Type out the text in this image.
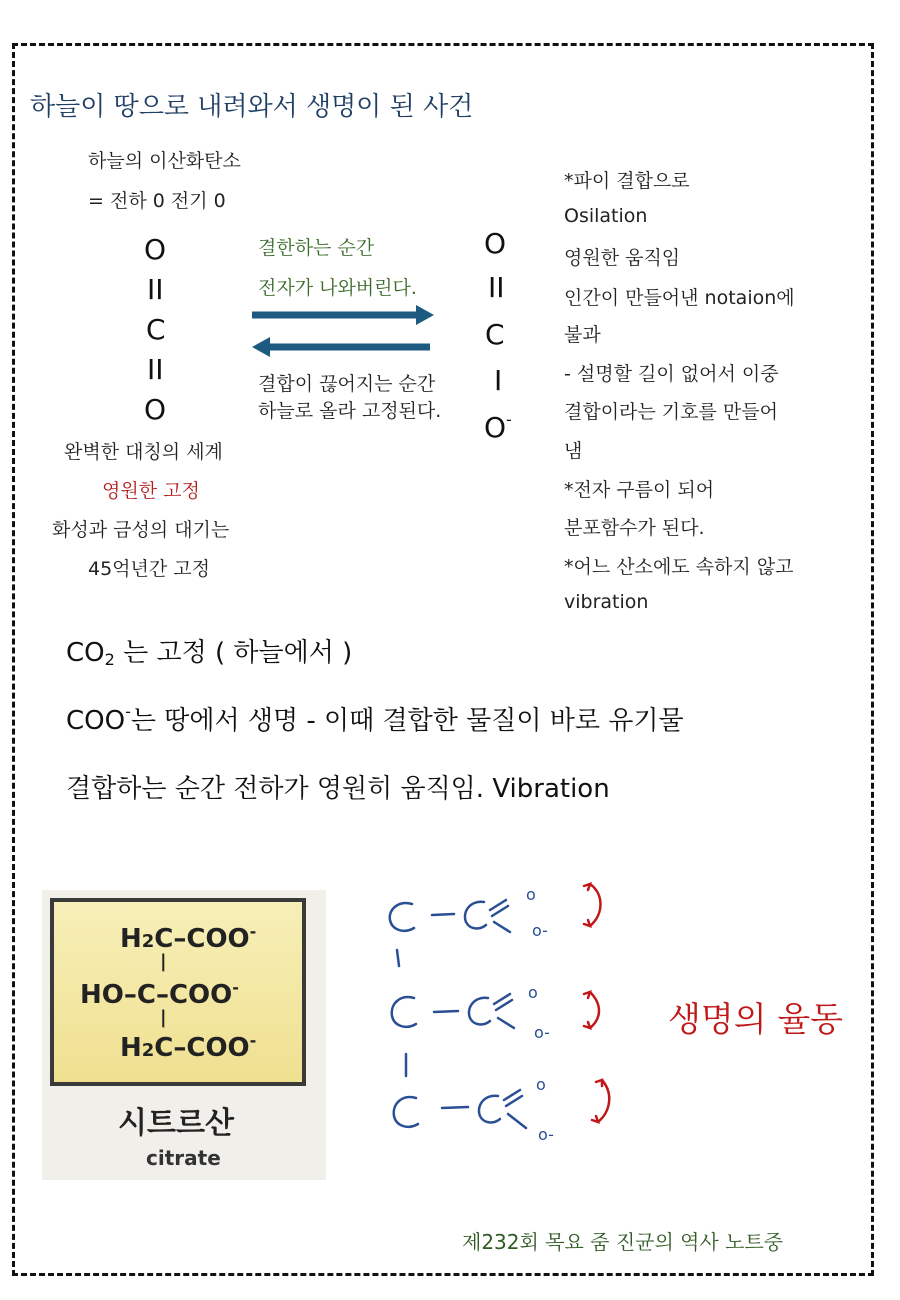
하늘이 땅으로 내려와서 생명이 된 사건
하늘의 이산화탄소
= 전하 0 전기 0
O
II
C
II
O
완벽한 대칭의 세계
영원한 고정
화성과 금성의 대기는
45억년간 고정
결한하는 순간
전자가 나와버린다.
결합이 끊어지는 순간
하늘로 올라 고정된다.
O
II
C
I
O-
*파이 결합으로
Osilation
영원한 움직임
인간이 만들어낸 notaion에
불과
- 설명할 길이 없어서 이중
결합이라는 기호를 만들어
냄
*전자 구름이 되어
분포함수가 된다.
*어느 산소에도 속하지 않고
vibration
$CO_2$ 는 고정 ( 하늘에서 )
COO-는 땅에서 생명 - 이때 결합한 물질이 바로 유기물
결합하는 순간 전하가 영원히 움직임. Vibration
H2C–COO-
|
HO–C–COO-
|
H2C–COO-
시트르산
citrate
o
o-
o
o-
o
o-
생명의 율동
제232회 목요 줌 진균의 역사 노트중
